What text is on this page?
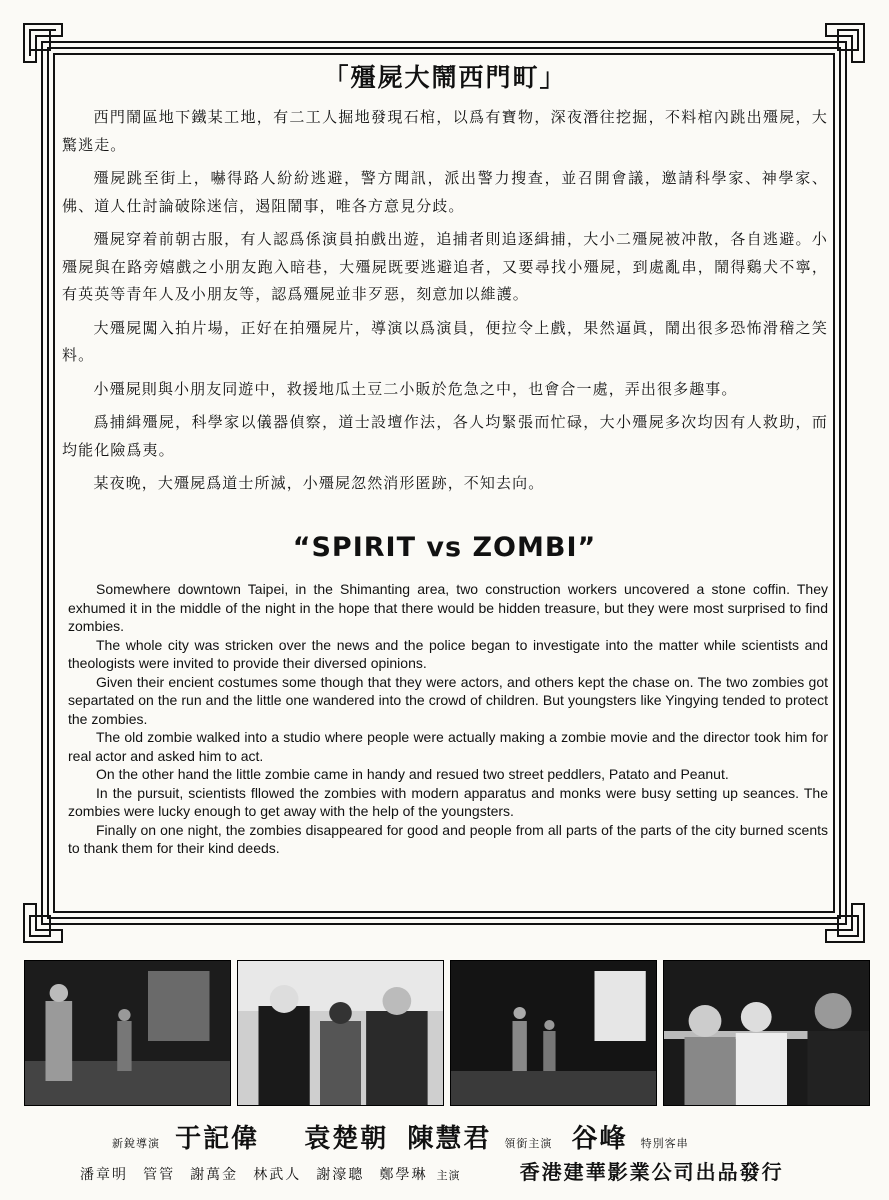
「殭屍大鬧西門町」

西門鬧區地下鐵某工地，有二工人掘地發現石棺，以爲有寶物，深夜潛往挖掘，不料棺內跳出殭屍，大驚逃走。

殭屍跳至街上，嚇得路人紛紛逃避，警方聞訊，派出警力搜查，並召開會議，邀請科學家、神學家、佛、道人仕討論破除迷信，遏阻鬧事，唯各方意見分歧。

殭屍穿着前朝古服，有人認爲係演員拍戲出遊，追捕者則追逐緝捕，大小二殭屍被冲散，各自逃避。小殭屍與在路旁嬉戲之小朋友跑入暗巷，大殭屍既要逃避追者，又要尋找小殭屍，到處亂串，鬧得鷄犬不寧，有英英等青年人及小朋友等，認爲殭屍並非歹惡，刻意加以維護。

大殭屍闖入拍片場，正好在拍殭屍片，導演以爲演員，便拉令上戲，果然逼眞，鬧出很多恐怖滑稽之笑料。

小殭屍則與小朋友同遊中，救援地瓜土豆二小販於危急之中，也會合一處，弄出很多趣事。

爲捕緝殭屍，科學家以儀器偵察，道士設壇作法，各人均緊張而忙碌，大小殭屍多次均因有人救助，而均能化險爲夷。

某夜晚，大殭屍爲道士所滅，小殭屍忽然消形匿跡，不知去向。

“SPIRIT vs ZOMBI”

Somewhere downtown Taipei, in the Shimanting area, two construction workers uncovered a stone coffin. They exhumed it in the middle of the night in the hope that there would be hidden treasure, but they were most surprised to find zombies.

The whole city was stricken over the news and the police began to investigate into the matter while scientists and theologists were invited to provide their diversed opinions.

Given their encient costumes some though that they were actors, and others kept the chase on. The two zombies got separtated on the run and the little one wandered into the crowd of children. But youngsters like Yingying tended to protect the zombies.

The old zombie walked into a studio where people were actually making a zombie movie and the director took him for real actor and asked him to act.

On the other hand the little zombie came in handy and resued two street peddlers, Patato and Peanut.

In the pursuit, scientists fllowed the zombies with modern apparatus and monks were busy setting up seances. The zombies were lucky enough to get away with the help of the youngsters.

Finally on one night, the zombies disappeared for good and people from all parts of the parts of the city burned scents to thank them for their kind deeds.

新銳導演 于記偉 袁楚朝 陳慧君 領銜主演 谷峰 特別客串
潘章明 管管 謝萬金 林武人 謝濠聰 鄭學琳 主演	香港建華影業公司出品發行
